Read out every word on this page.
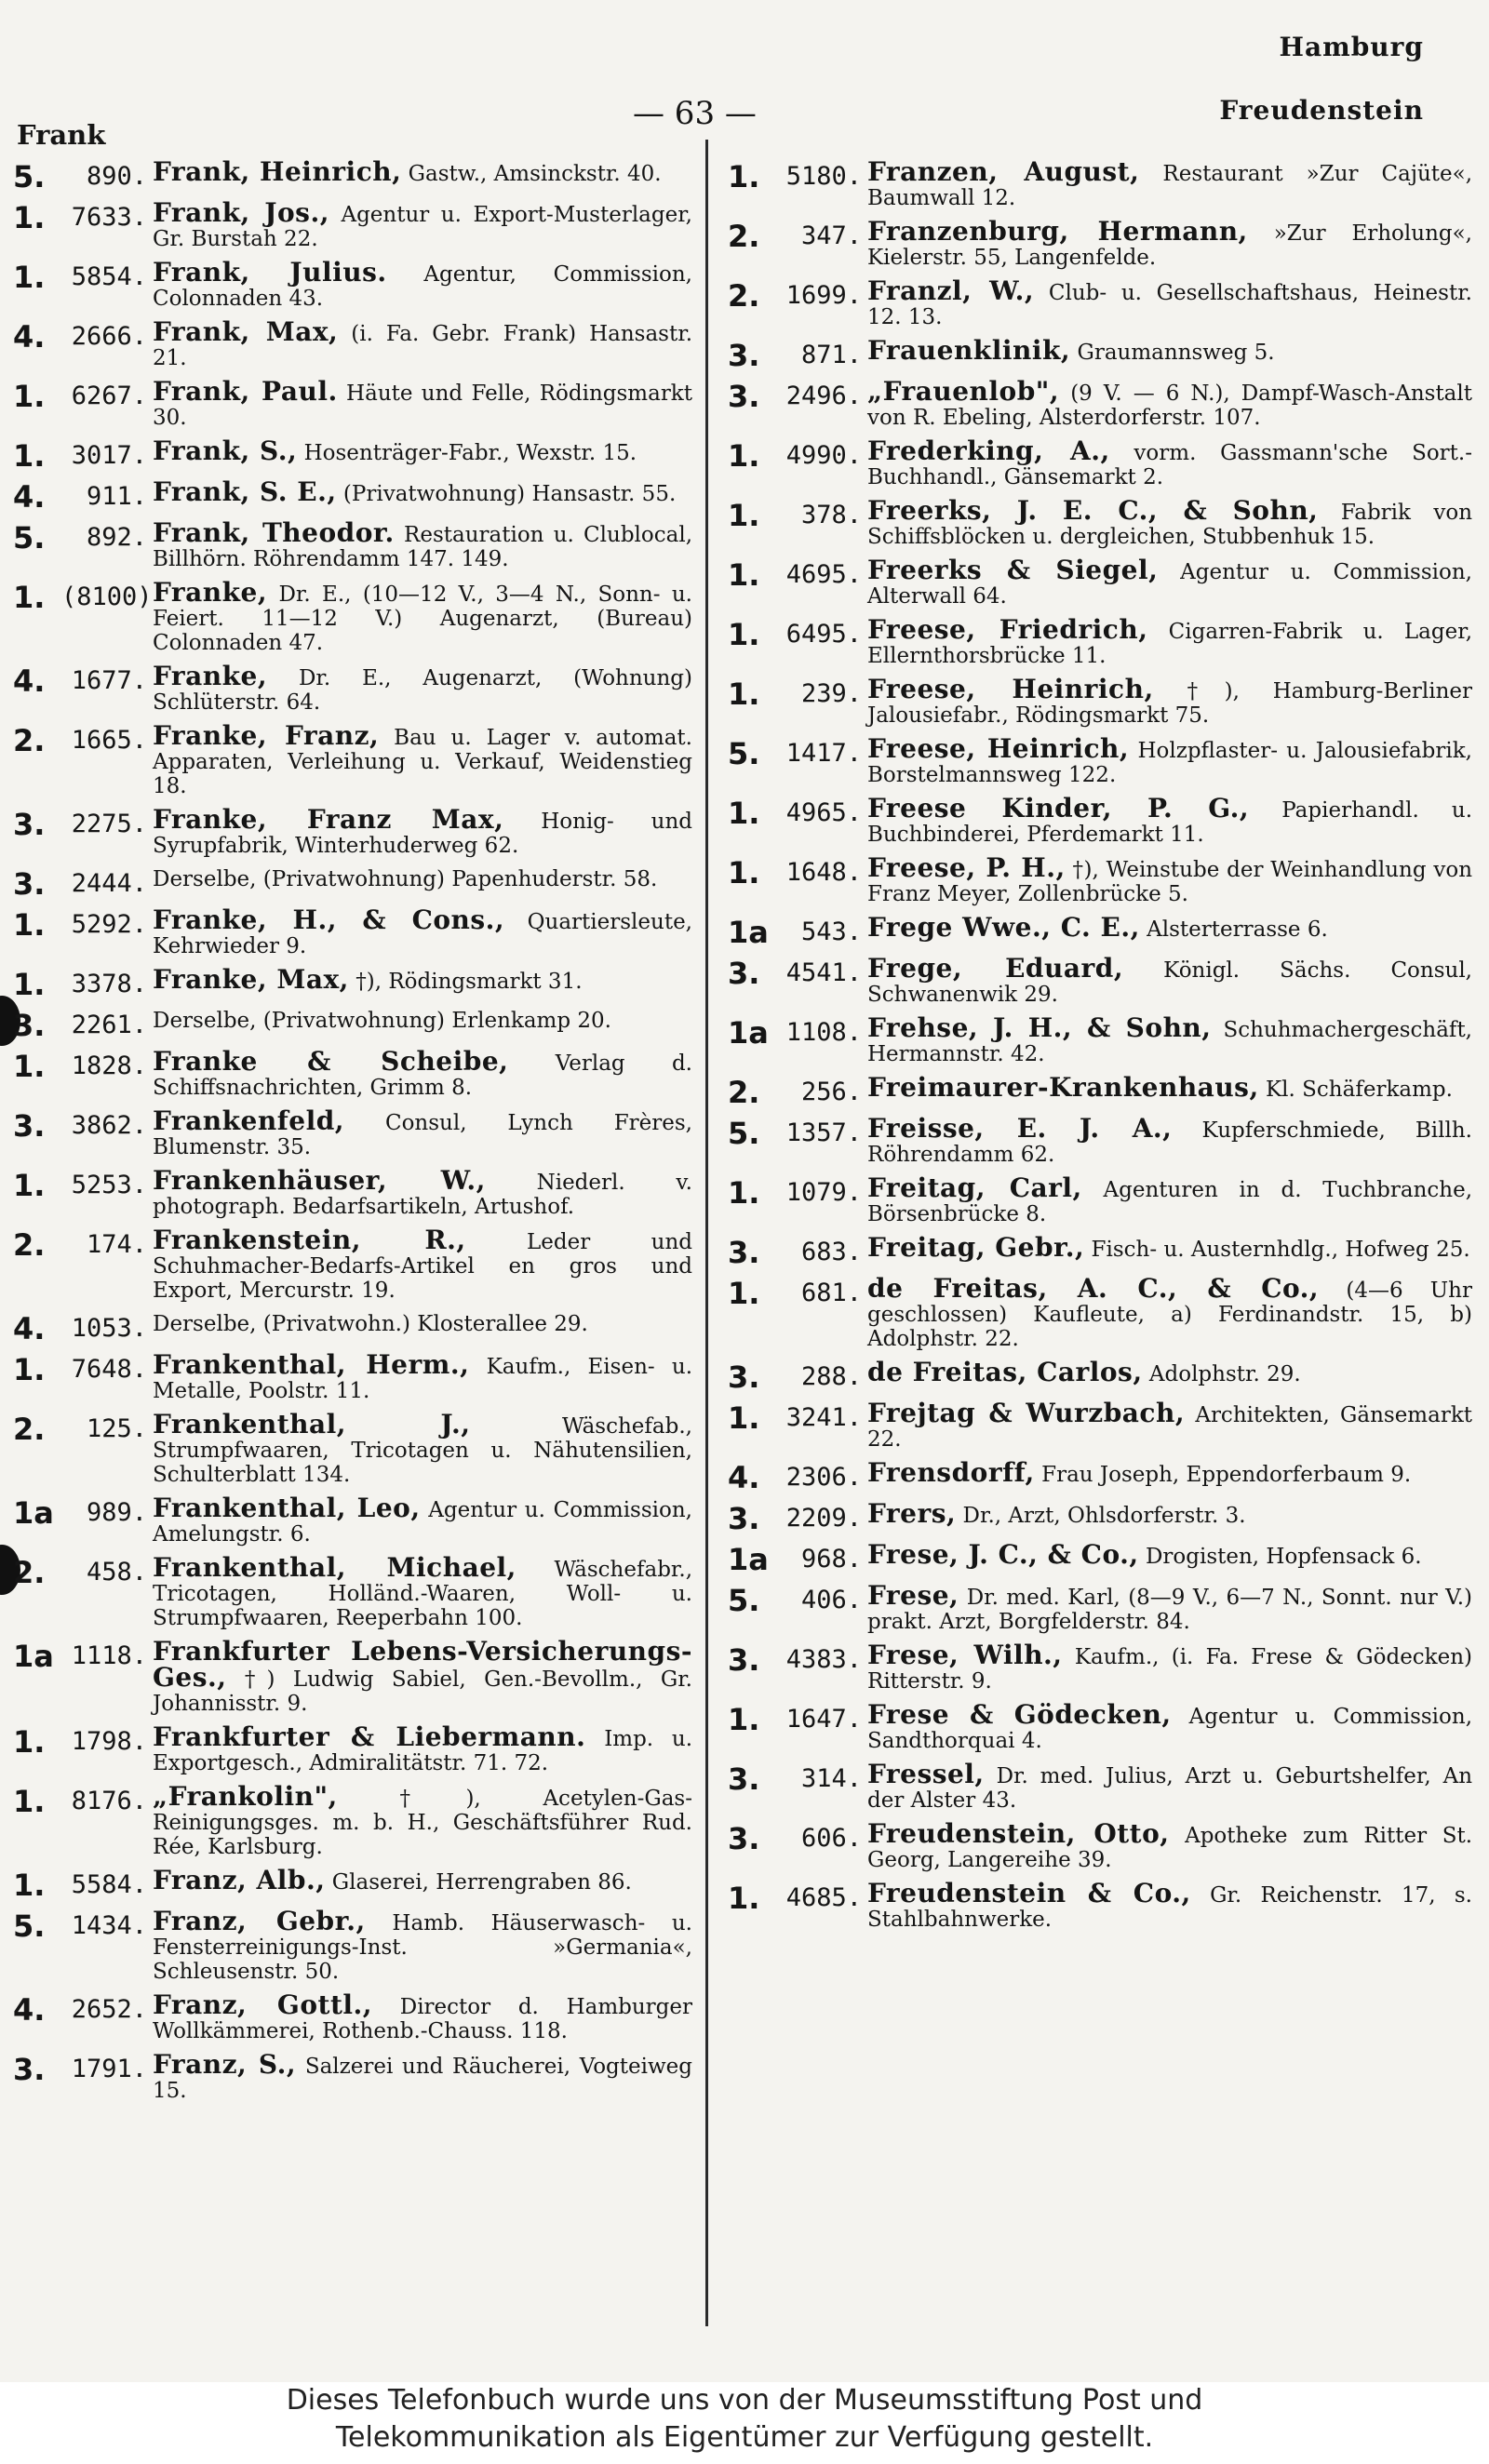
Hamburg
Frank
— 63 —	Freudenstein
5.	890. Frank, Heinrich, Gastw., Amsinckstr. 40.
1.	7633. Frank, Jos., Agentur u. Export-Musterlager, Gr. Burstah 22.
1.	5854. Frank, Julius. Agentur, Commission, Colonnaden 43.
4.	2666. Frank, Max, (i. Fa. Gebr. Frank) Hansastr. 21.
1.	6267. Frank, Paul. Häute und Felle, Rödingsmarkt 30.
1.	3017. Frank, S., Hosenträger-Fabr., Wexstr. 15.
4.	911. Frank, S. E., (Privatwohnung) Hansastr. 55.
5.	892. Frank, Theodor. Restauration u. Clublocal, Billhörn. Röhrendamm 147. 149.
1. (8100) Franke, Dr. E., (10—12 V., 3—4 N., Sonn- u. Feiert. 11—12 V.) Augenarzt, (Bureau) Colonnaden 47.
4.	1677. Franke, Dr. E., Augenarzt, (Wohnung) Schlüterstr. 64.
2.	1665. Franke, Franz, Bau u. Lager v. automat. Apparaten, Verleihung u. Verkauf, Weidenstieg 18.
3.	2275. Franke, Franz Max, Honig- und Syrupfabrik, Winterhuderweg 62.
3.	2444. Derselbe, (Privatwohnung) Papenhuderstr. 58.
1.	5292. Franke, H., & Cons., Quartiersleute, Kehrwieder 9.
1.	3378. Franke, Max, †), Rödingsmarkt 31.
3.	2261. Derselbe, (Privatwohnung) Erlenkamp 20.
1.	1828. Franke & Scheibe, Verlag d. Schiffsnachrichten, Grimm 8.
3.	3862. Frankenfeld, Consul, Lynch Frères, Blumenstr. 35.
1.	5253. Frankenhäuser, W., Niederl. v. photograph. Bedarfsartikeln, Artushof.
2.	174. Frankenstein, R.,	Leder und Schuhmacher-Bedarfs-Artikel en gros und Export, Mercurstr. 19.
4.	1053. Derselbe, (Privatwohn.) Klosterallee 29.
1.	7648. Frankenthal, Herm., Kaufm., Eisen- u. Metalle, Poolstr. 11.
2.	125. Frankenthal, J.,	Wäschefab., Strumpfwaaren, Tricotagen u. Nähutensilien, Schulterblatt 134.
1a	989. Frankenthal, Leo, Agentur u. Commission, Amelungstr. 6.
2.	458. Frankenthal, Michael, Wäschefabr., Tricotagen, Holländ.-Waaren, Woll- u. Strumpfwaaren, Reeperbahn 100.
1a 1118. Frankfurter Lebens-Versicherungs-Ges., †) Ludwig Sabiel, Gen.-Bevollm., Gr. Johannisstr. 9.
1.	1798. Frankfurter & Liebermann. Imp. u. Exportgesch., Admiralitätstr. 71. 72.
1.	8176. „Frankolin",	†), Acetylen-Gas-Reinigungsges. m. b. H., Geschäftsführer Rud. Rée, Karlsburg.
1.	5584. Franz, Alb., Glaserei, Herrengraben 86.
5.	1434. Franz, Gebr., Hamb. Häuserwasch- u. Fensterreinigungs-Inst. »Germania«, Schleusenstr. 50.
4.	2652. Franz, Gottl., Director d. Hamburger Wollkämmerei, Rothenb.-Chauss. 118.
3.	1791. Franz, S., Salzerei und Räucherei, Vogteiweg 15.
1.	5180. Franzen, August, Restaurant »Zur Cajüte«, Baumwall 12.
2.	347. Franzenburg, Hermann, »Zur Erholung«, Kielerstr. 55, Langenfelde.
2.	1699. Franzl, W., Club- u. Gesellschaftshaus, Heinestr. 12. 13.
3.	871. Frauenklinik, Graumannsweg 5.
3.	2496. „Frauenlob", (9 V. — 6 N.), Dampf-Wasch-Anstalt von R. Ebeling, Alsterdorferstr. 107.
1.	4990. Frederking, A., vorm. Gassmann'sche Sort.-Buchhandl., Gänsemarkt 2.
1.	378. Freerks, J. E. C., & Sohn, Fabrik von Schiffsblöcken u. dergleichen, Stubbenhuk 15.
1.	4695. Freerks & Siegel, Agentur u. Commission, Alterwall 64.
1.	6495. Freese, Friedrich, Cigarren-Fabrik u. Lager, Ellernthorsbrücke 11.
1.	239. Freese, Heinrich, †), Hamburg-Berliner Jalousiefabr., Rödingsmarkt 75.
5.	1417. Freese, Heinrich, Holzpflaster- u. Jalousiefabrik, Borstelmannsweg 122.
1.	4965. Freese Kinder, P. G., Papierhandl. u. Buchbinderei, Pferdemarkt 11.
1.	1648. Freese, P. H., †), Weinstube der Weinhandlung von Franz Meyer, Zollenbrücke 5.
1a	543. Frege Wwe., C. E., Alsterterrasse 6.
3.	4541. Frege, Eduard, Königl. Sächs. Consul, Schwanenwik 29.
1a 1108. Frehse, J. H., & Sohn, Schuhmachergeschäft, Hermannstr. 42.
2.	256. Freimaurer-Krankenhaus, Kl. Schäferkamp.
5.	1357. Freisse, E. J. A., Kupferschmiede, Billh. Röhrendamm 62.
1.	1079. Freitag, Carl, Agenturen in d. Tuchbranche, Börsenbrücke 8.
3.	683. Freitag, Gebr., Fisch- u. Austernhdlg., Hofweg 25.
1.	681. de Freitas, A. C., & Co., (4—6 Uhr geschlossen) Kaufleute, a) Ferdinandstr. 15, b) Adolphstr. 22.
3.	288. de Freitas, Carlos, Adolphstr. 29.
1.	3241. Frejtag & Wurzbach, Architekten, Gänsemarkt 22.
4.	2306. Frensdorff, Frau Joseph, Eppendorferbaum 9.
3.	2209. Frers, Dr., Arzt, Ohlsdorferstr. 3.
1a	968. Frese, J. C., & Co., Drogisten, Hopfensack 6.
5.	406. Frese, Dr. med. Karl, (8—9 V., 6—7 N., Sonnt. nur V.) prakt. Arzt, Borgfelderstr. 84.
3.	4383. Frese, Wilh., Kaufm., (i. Fa. Frese & Gödecken) Ritterstr. 9.
1.	1647. Frese & Gödecken, Agentur u. Commission, Sandthorquai 4.
3.	314. Fressel, Dr. med. Julius, Arzt u. Geburtshelfer, An der Alster 43.
3.	606. Freudenstein, Otto, Apotheke zum Ritter St. Georg, Langereihe 39.
1.	4685. Freudenstein & Co., Gr. Reichenstr. 17, s. Stahlbahnwerke.
Dieses Telefonbuch wurde uns von der Museumsstiftung Post und
Telekommunikation als Eigentümer zur Verfügung gestellt.
